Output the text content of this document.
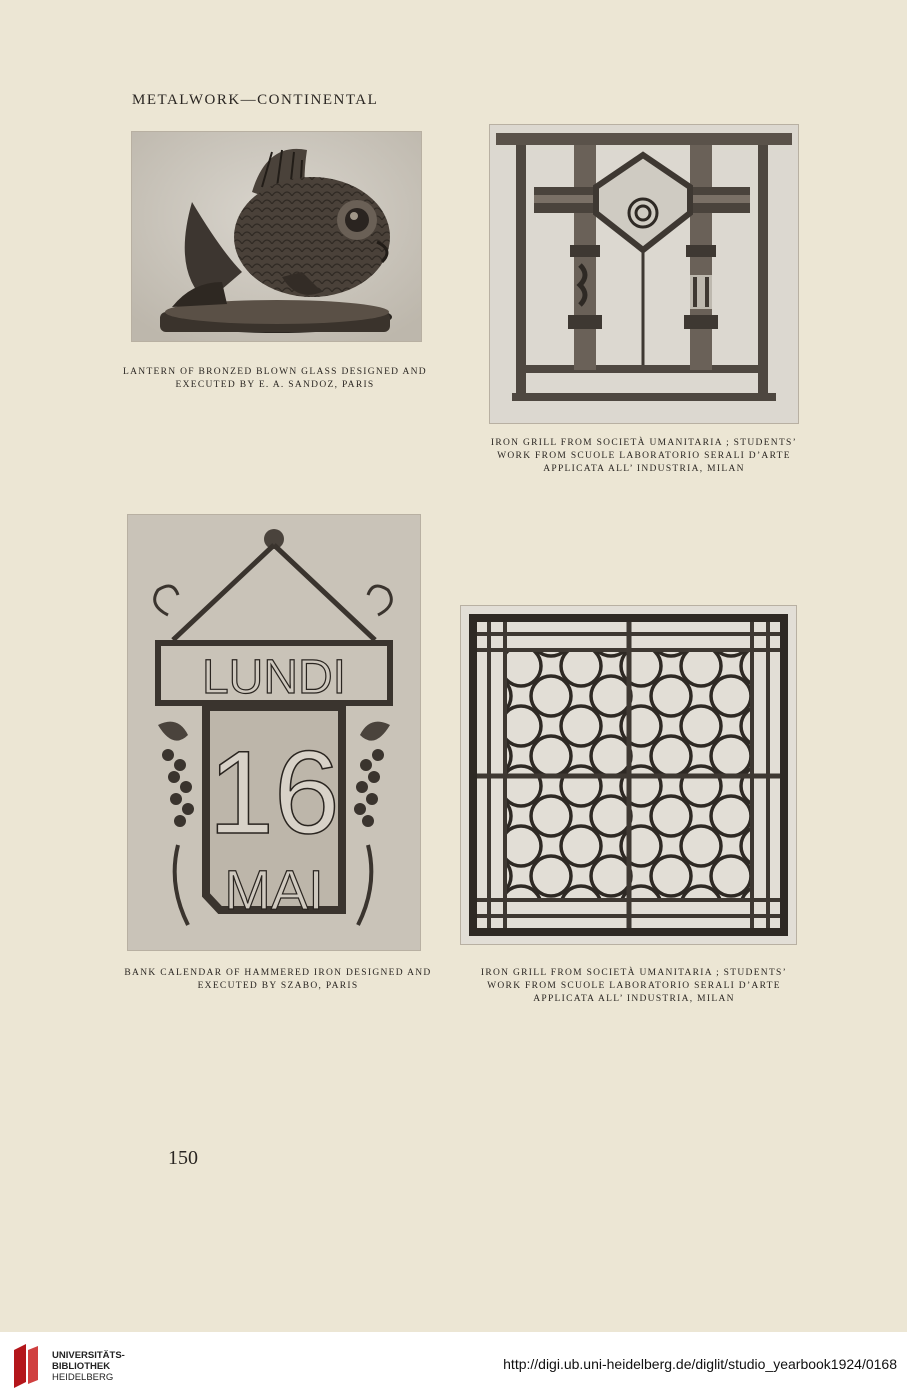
METALWORK—CONTINENTAL
LANTERN OF BRONZED BLOWN GLASS DESIGNED AND
EXECUTED BY E. A. SANDOZ, PARIS
IRON GRILL FROM SOCIETÀ UMANITARIA ; STUDENTS’
WORK FROM SCUOLE LABORATORIO SERALI D’ARTE
APPLICATA ALL’ INDUSTRIA, MILAN
LUNDI
16
MAI
BANK CALENDAR OF HAMMERED IRON DESIGNED AND
EXECUTED BY SZABO, PARIS
IRON GRILL FROM SOCIETÀ UMANITARIA ; STUDENTS’
WORK FROM SCUOLE LABORATORIO SERALI D’ARTE
APPLICATA ALL’ INDUSTRIA, MILAN
150
UNIVERSITÄTS-
BIBLIOTHEK
HEIDELBERG
http://digi.ub.uni-heidelberg.de/diglit/studio_yearbook1924/0168
